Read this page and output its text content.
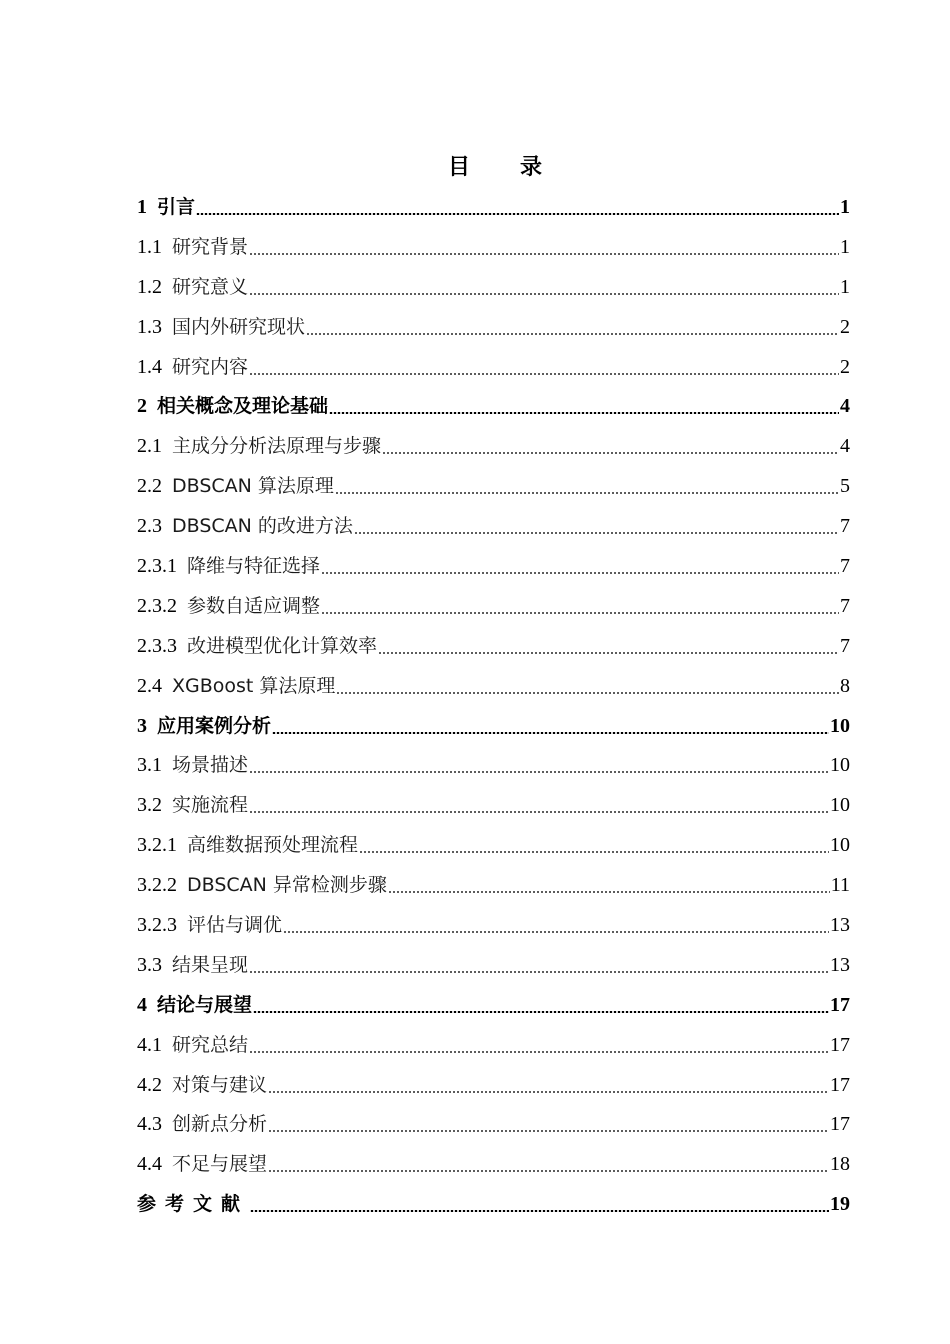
目 录
1 引言	1
1.1 研究背景	1
1.2 研究意义	1
1.3 国内外研究现状	2
1.4 研究内容	2
2 相关概念及理论基础	4
2.1 主成分分析法原理与步骤	4
2.2 DBSCAN 算法原理	5
2.3 DBSCAN 的改进方法	7
2.3.1 降维与特征选择	7
2.3.2 参数自适应调整	7
2.3.3 改进模型优化计算效率	7
2.4 XGBoost 算法原理	8
3 应用案例分析	10
3.1 场景描述	10
3.2 实施流程	10
3.2.1 高维数据预处理流程	10
3.2.2 DBSCAN 异常检测步骤	11
3.2.3 评估与调优	13
3.3 结果呈现	13
4 结论与展望	17
4.1 研究总结	17
4.2 对策与建议	17
4.3 创新点分析	17
4.4 不足与展望	18
参考文献	19
